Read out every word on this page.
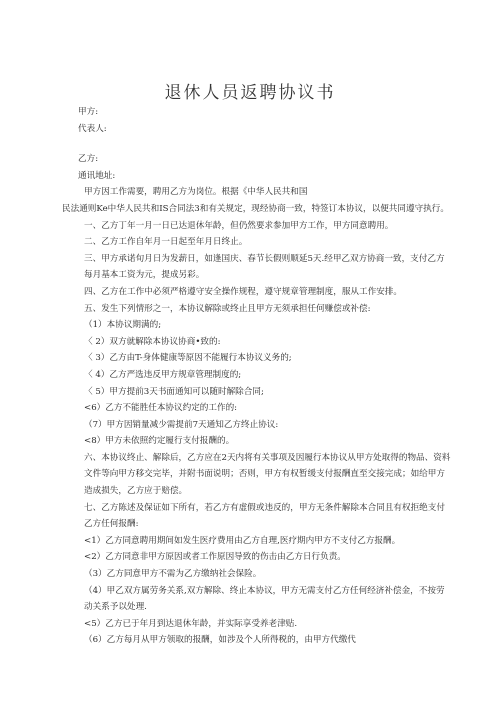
退休人员返聘协议书

甲方:

代表人:

乙方:

通讯地址:

甲方因工作需要，聘用乙方为岗位。根据《中华人民共和国

民法通则Ke中华人民共和IS合同法3和有关规定，现经协商一致，特签订本协议，以便共同遵守执行。

一、乙方丁年一月一日已达退休年龄，但仍然要求参加甲方工作，甲方同意聘用。

二、乙方工作自年月一日起至年月日终止。

三、甲方承诺旬月日为发薪日，如逢国庆、春节长假则顺延5天.经甲乙双方协商一致，支付乙方每月基本工资为元，提成另彩。

四、乙方在工作中必须严格遵守安全操作规程，遵守规章管理制度，服从工作安排。

五、发生下列情形之一，本协议解除或终止且甲方无须承担任何赚偿或补偿:

（1）本协议期满的;

〈 2）双方就解除本协议协商•致的:

〈 3）乙方由T-身体健康等原因不能履行本协议义务的;

〈 4）乙方严选违反甲方规章管理制度的;

〈 5）甲方提前3天书面通知可以随时解除合同;

<6）乙方不能胜任本协议约定的工作的:

（7）甲方因销量减少需提前7天通知乙方终止协议:

<8）甲方未依照约定履行支付报酬的。

六、本协议终止、解除后，乙方应在2天内将有关事项及因履行本协议从甲方处取得的物品、资料文件等向甲方移交完毕，并附书面说明；否则，甲方有权暂缓支付报酬直至交接完成；如给甲方造成损失，乙方应于赔偿。

七、乙方陈述及保证如下所有，若乙方有虚假或违反的，甲方无条件解除本合同且有权拒绝支付乙方任何报酬:

<1）乙方同意聘用期间如发生医疗费用由乙方自理,医疗期内甲方不支付乙方报酬。

<2）乙方同意非甲方原因或者工作原因导致的伤击由乙方日行负责。

（3）乙方同意甲方不需为乙方缴纳社会保险。

（4）甲乙双方属劳务关系,双方解除、终止本协议，甲方无需支付乙方任何经济补偿金，不按劳动关系予以处理.

<5）乙方已于年月到达退休年龄，并实际享受养老津贴.

（6）乙方每月从甲方领取的报酬，如涉及个人所得税的，由甲方代缴代
